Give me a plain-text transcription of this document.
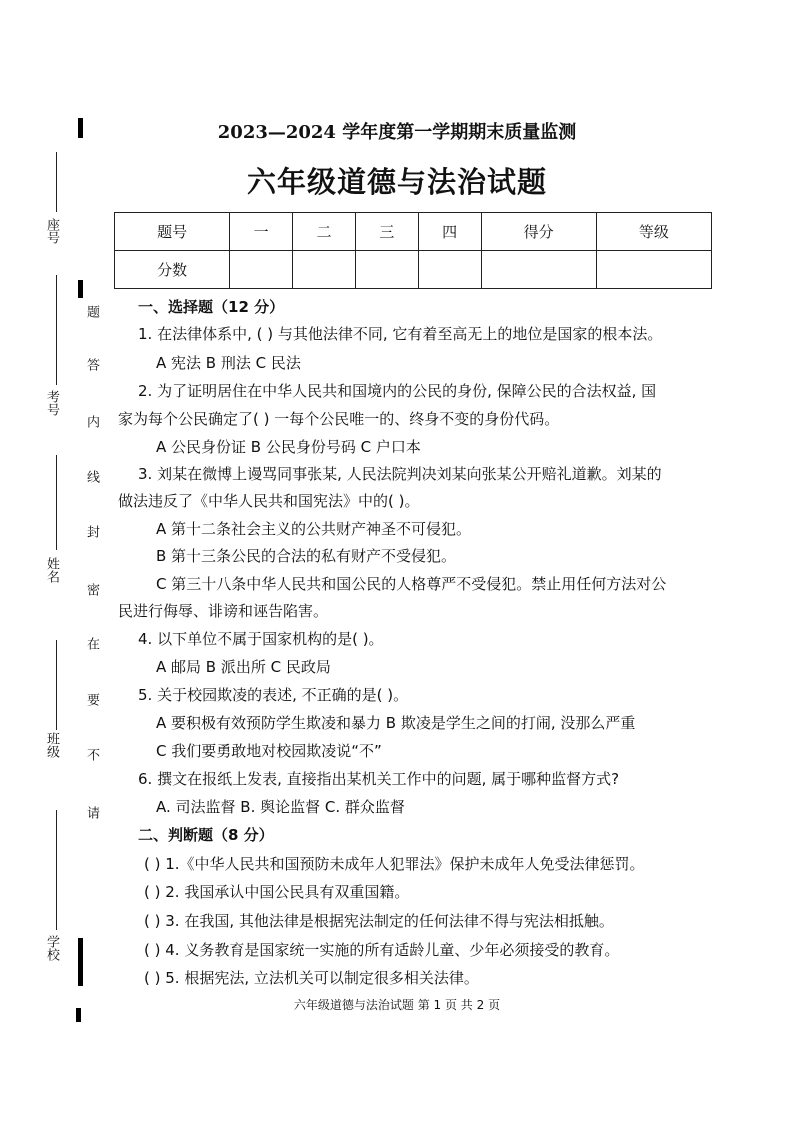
座号
考号
姓名
班级
学校
题
答
内
线
封
密
在
要
不
请
2023—2024 学年度第一学期期末质量监测
六年级道德与法治试题
题号	一	二	三	四	得分	等级
分数						
一、选择题（12 分）
1. 在法律体系中, ( ) 与其他法律不同, 它有着至高无上的地位是国家的根本法。
A 宪法 B 刑法 C 民法
2. 为了证明居住在中华人民共和国境内的公民的身份, 保障公民的合法权益, 国
家为每个公民确定了( ) 一每个公民唯一的、终身不变的身份代码。
A 公民身份证 B 公民身份号码 C 户口本
3. 刘某在微博上谩骂同事张某, 人民法院判决刘某向张某公开赔礼道歉。刘某的
做法违反了《中华人民共和国宪法》中的( )。
A 第十二条社会主义的公共财产神圣不可侵犯。
B 第十三条公民的合法的私有财产不受侵犯。
C 第三十八条中华人民共和国公民的人格尊严不受侵犯。禁止用任何方法对公
民进行侮辱、诽谤和诬告陷害。
4. 以下单位不属于国家机构的是( )。
A 邮局 B 派出所 C 民政局
5. 关于校园欺凌的表述, 不正确的是( )。
A 要积极有效预防学生欺凌和暴力 B 欺凌是学生之间的打闹, 没那么严重
C 我们要勇敢地对校园欺凌说“不”
6. 撰文在报纸上发表, 直接指出某机关工作中的问题, 属于哪种监督方式?
A. 司法监督 B. 舆论监督 C. 群众监督
二、判断题（8 分）
( ) 1.《中华人民共和国预防未成年人犯罪法》保护未成年人免受法律惩罚。
( ) 2. 我国承认中国公民具有双重国籍。
( ) 3. 在我国, 其他法律是根据宪法制定的任何法律不得与宪法相抵触。
( ) 4. 义务教育是国家统一实施的所有适龄儿童、少年必须接受的教育。
( ) 5. 根据宪法, 立法机关可以制定很多相关法律。
六年级道德与法治试题 第 1 页 共 2 页
